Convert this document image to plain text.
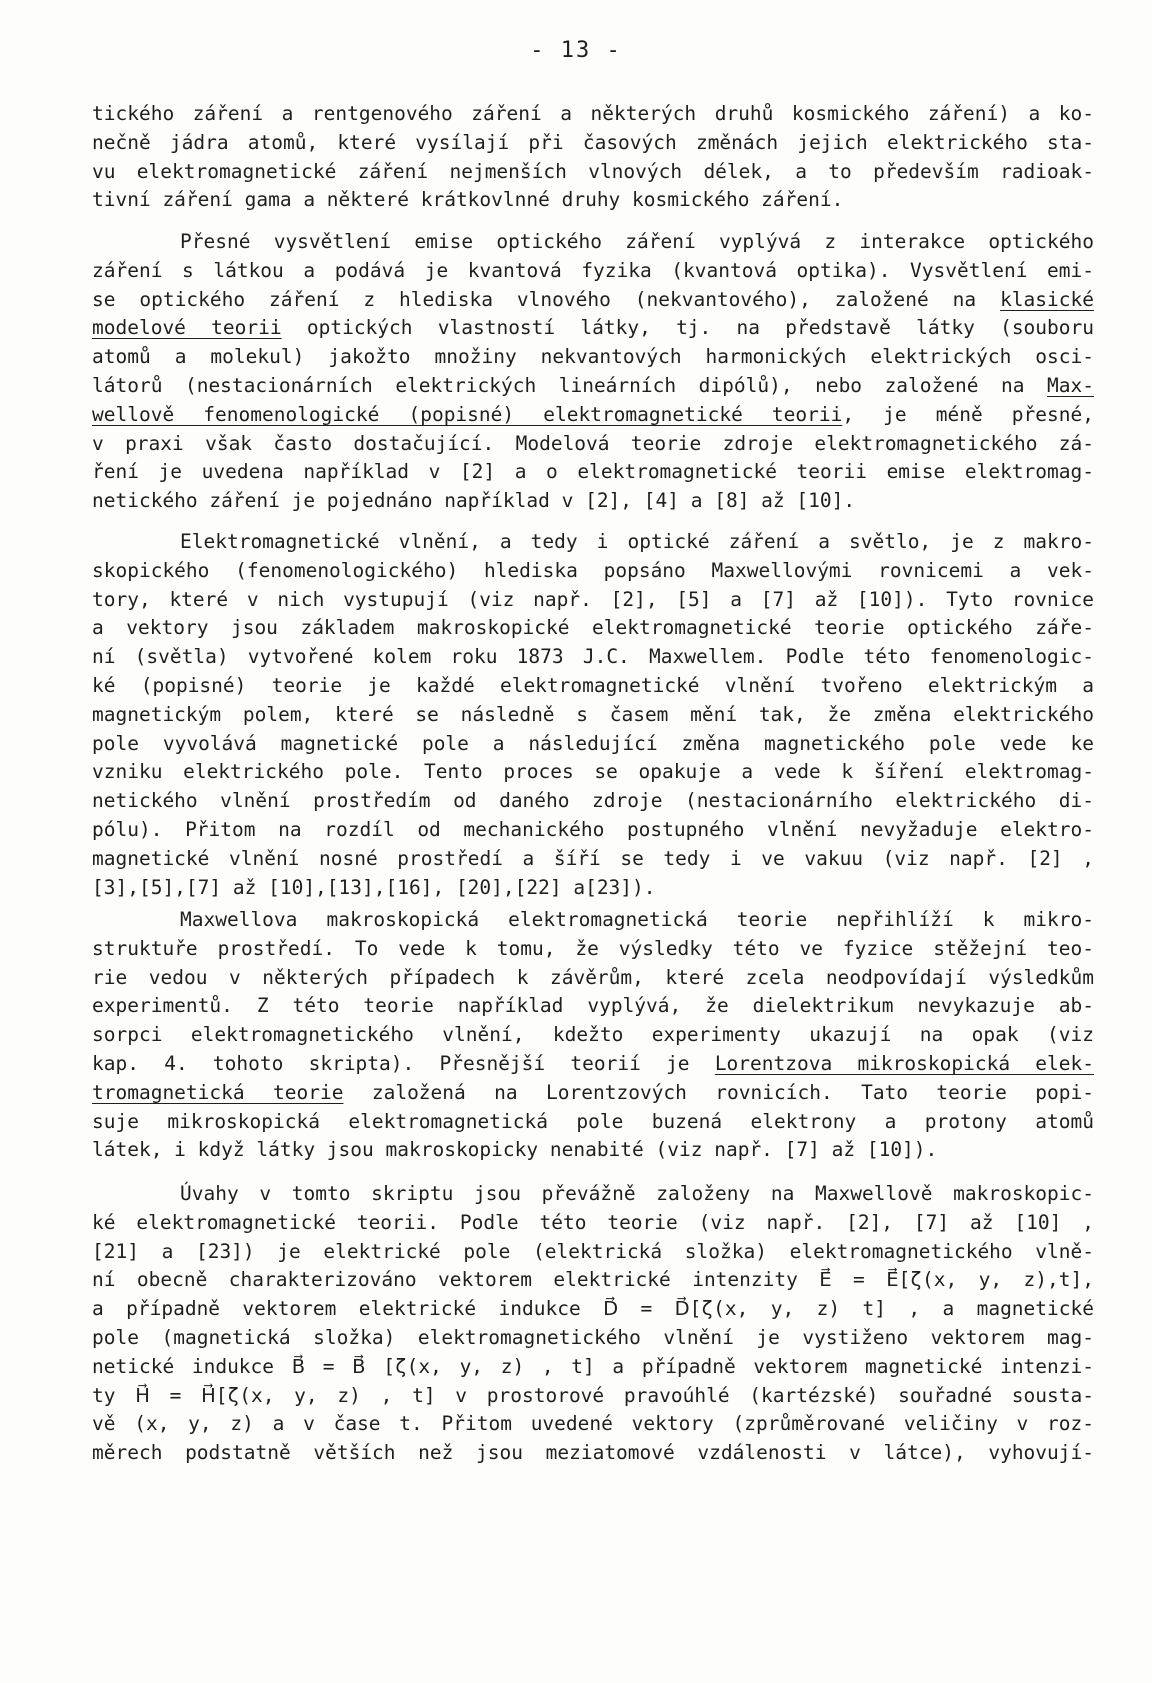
- 13 -
tického záření a rentgenového záření a některých druhů kosmického záření) a ko-
nečně jádra atomů, které vysílají při časových změnách jejich elektrického sta-
vu elektromagnetické záření nejmenších vlnových délek, a to především radioak-
tivní záření gama a některé krátkovlnné druhy kosmického záření.
Přesné vysvětlení emise optického záření vyplývá z interakce optického
záření s látkou a podává je kvantová fyzika (kvantová optika). Vysvětlení emi-
se optického záření z hlediska vlnového (nekvantového), založené na klasické
modelové teorii optických vlastností látky, tj. na představě látky (souboru
atomů a molekul) jakožto množiny nekvantových harmonických elektrických osci-
látorů (nestacionárních elektrických lineárních dipólů), nebo založené na Max-
wellově fenomenologické (popisné) elektromagnetické teorii, je méně přesné,
v praxi však často dostačující. Modelová teorie zdroje elektromagnetického zá-
ření je uvedena například v [2] a o elektromagnetické teorii emise elektromag-
netického záření je pojednáno například v [2], [4] a [8] až [10].
Elektromagnetické vlnění, a tedy i optické záření a světlo, je z makro-
skopického (fenomenologického) hlediska popsáno Maxwellovými rovnicemi a vek-
tory, které v nich vystupují (viz např. [2], [5] a [7] až [10]). Tyto rovnice
a vektory jsou základem makroskopické elektromagnetické teorie optického záře-
ní (světla) vytvořené kolem roku 1873 J.C. Maxwellem. Podle této fenomenologic-
ké (popisné) teorie je každé elektromagnetické vlnění tvořeno elektrickým a
magnetickým polem, které se následně s časem mění tak, že změna elektrického
pole vyvolává magnetické pole a následující změna magnetického pole vede ke
vzniku elektrického pole. Tento proces se opakuje a vede k šíření elektromag-
netického vlnění prostředím od daného zdroje (nestacionárního elektrického di-
pólu). Přitom na rozdíl od mechanického postupného vlnění nevyžaduje elektro-
magnetické vlnění nosné prostředí a šíří se tedy i ve vakuu (viz např. [2] ,
[3],[5],[7] až [10],[13],[16], [20],[22] a[23]).
Maxwellova makroskopická elektromagnetická teorie nepřihlíží k mikro-
struktuře prostředí. To vede k tomu, že výsledky této ve fyzice stěžejní teo-
rie vedou v některých případech k závěrům, které zcela neodpovídají výsledkům
experimentů. Z této teorie například vyplývá, že dielektrikum nevykazuje ab-
sorpci elektromagnetického vlnění, kdežto experimenty ukazují na opak (viz
kap. 4. tohoto skripta). Přesnější teorií je Lorentzova mikroskopická elek-
tromagnetická teorie založená na Lorentzových rovnicích. Tato teorie popi-
suje mikroskopická elektromagnetická pole buzená elektrony a protony atomů
látek, i když látky jsou makroskopicky nenabité (viz např. [7] až [10]).
Úvahy v tomto skriptu jsou převážně založeny na Maxwellově makroskopic-
ké elektromagnetické teorii. Podle této teorie (viz např. [2], [7] až [10] ,
[21] a [23]) je elektrické pole (elektrická složka) elektromagnetického vlně-
ní obecně charakterizováno vektorem elektrické intenzity E⃗ = E⃗[ζ(x, y, z),t],
a případně vektorem elektrické indukce D⃗ = D⃗[ζ(x, y, z) t] , a magnetické
pole (magnetická složka) elektromagnetického vlnění je vystiženo vektorem mag-
netické indukce B⃗ = B⃗ [ζ(x, y, z) , t] a případně vektorem magnetické intenzi-
ty H⃗ = H⃗[ζ(x, y, z) , t] v prostorové pravoúhlé (kartézské) souřadné soustа-
vě (x, y, z) a v čase t. Přitom uvedené vektory (zprůměrované veličiny v roz-
měrech podstatně větších než jsou meziatomové vzdálenosti v látce), vyhovují-
